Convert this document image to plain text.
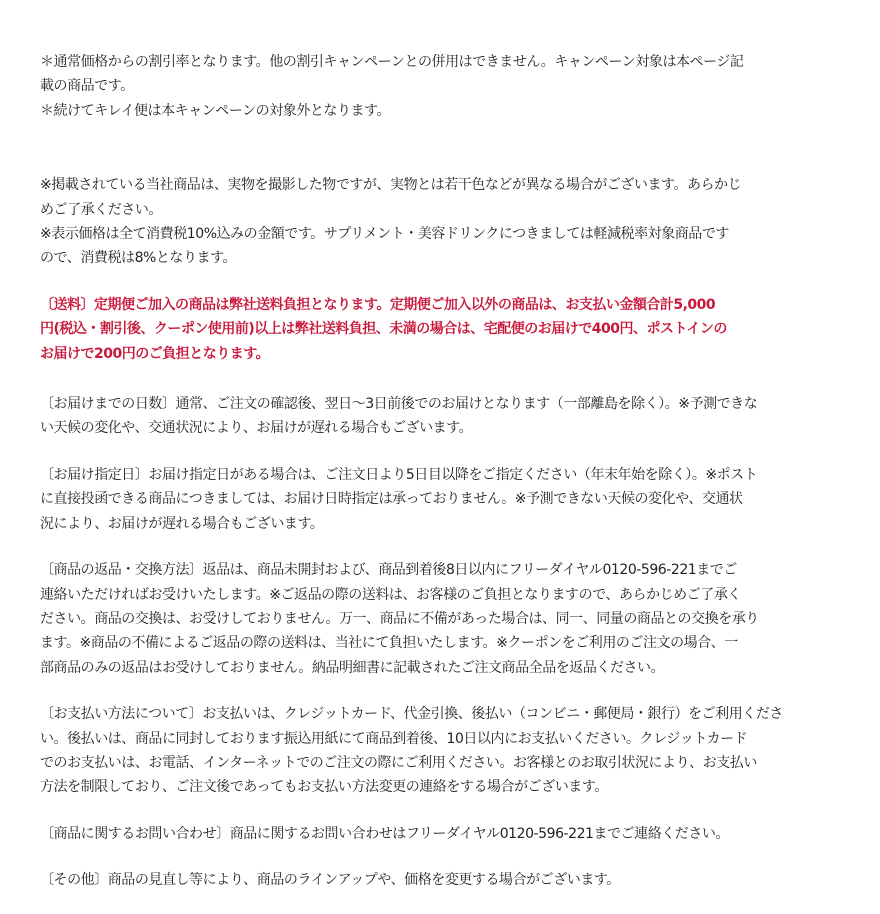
＊通常価格からの割引率となります。他の割引キャンペーンとの併用はできません。キャンペーン対象は本ページ記
載の商品です。
＊続けてキレイ便は本キャンペーンの対象外となります。

※掲載されている当社商品は、実物を撮影した物ですが、実物とは若干色などが異なる場合がございます。あらかじ
めご了承ください。
※表示価格は全て消費税10%込みの金額です。サプリメント・美容ドリンクにつきましては軽減税率対象商品です
ので、消費税は8%となります。

〔送料〕定期便ご加入の商品は弊社送料負担となります。定期便ご加入以外の商品は、お支払い金額合計5,000
円(税込・割引後、クーポン使用前)以上は弊社送料負担、未満の場合は、宅配便のお届けで400円、ポストインの
お届けで200円のご負担となります。

〔お届けまでの日数〕通常、ご注文の確認後、翌日〜3日前後でのお届けとなります（一部離島を除く）。※予測できな
い天候の変化や、交通状況により、お届けが遅れる場合もございます。

〔お届け指定日〕お届け指定日がある場合は、ご注文日より5日目以降をご指定ください（年末年始を除く）。※ポスト
に直接投函できる商品につきましては、お届け日時指定は承っておりません。※予測できない天候の変化や、交通状
況により、お届けが遅れる場合もございます。

〔商品の返品・交換方法〕返品は、商品未開封および、商品到着後8日以内にフリーダイヤル0120-596-221までご
連絡いただければお受けいたします。※ご返品の際の送料は、お客様のご負担となりますので、あらかじめご了承く
ださい。商品の交換は、お受けしておりません。万一、商品に不備があった場合は、同一、同量の商品との交換を承り
ます。※商品の不備によるご返品の際の送料は、当社にて負担いたします。※クーポンをご利用のご注文の場合、一
部商品のみの返品はお受けしておりません。納品明細書に記載されたご注文商品全品を返品ください。

〔お支払い方法について〕お支払いは、クレジットカード、代金引換、後払い（コンビニ・郵便局・銀行）をご利用くださ
い。後払いは、商品に同封しております振込用紙にて商品到着後、10日以内にお支払いください。クレジットカード
でのお支払いは、お電話、インターネットでのご注文の際にご利用ください。お客様とのお取引状況により、お支払い
方法を制限しており、ご注文後であってもお支払い方法変更の連絡をする場合がございます。

〔商品に関するお問い合わせ〕商品に関するお問い合わせはフリーダイヤル0120-596-221までご連絡ください。

〔その他〕商品の見直し等により、商品のラインアップや、価格を変更する場合がございます。
